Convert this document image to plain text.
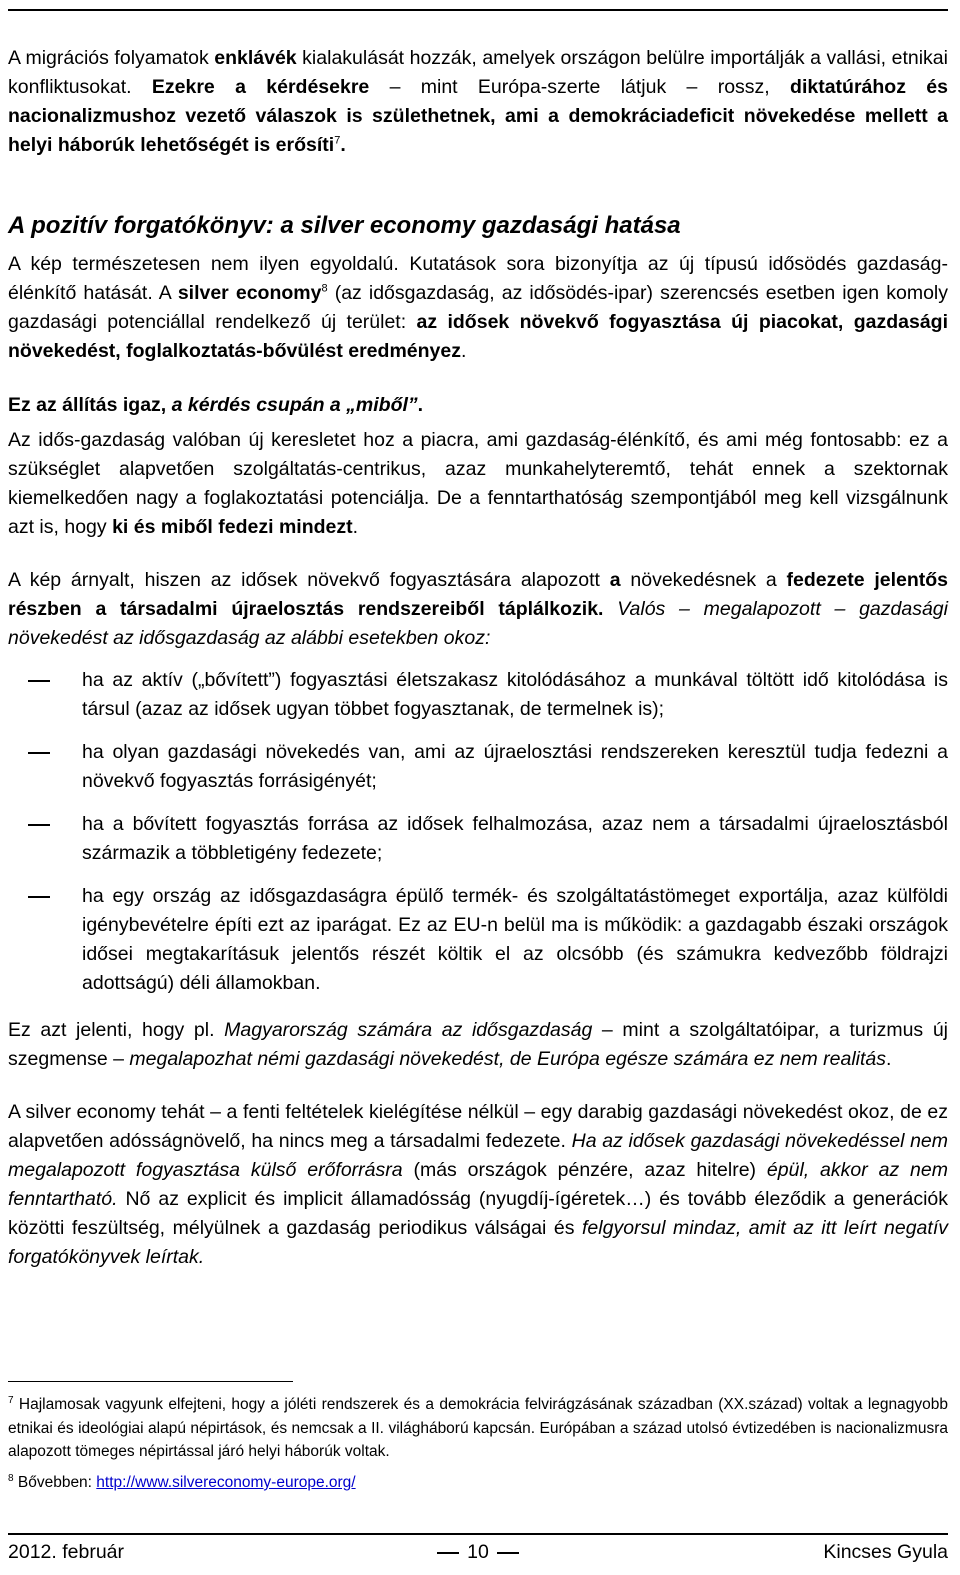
A migrációs folyamatok enklávék kialakulását hozzák, amelyek országon belülre importálják a vallási, etnikai konfliktusokat. Ezekre a kérdésekre – mint Európa-szerte látjuk – rossz, diktatúrához és nacionalizmushoz vezető válaszok is születhetnek, ami a demokráciadeficit növekedése mellett a helyi háborúk lehetőségét is erősíti$^7$.

A pozitív forgatókönyv: a silver economy gazdasági hatása

A kép természetesen nem ilyen egyoldalú. Kutatások sora bizonyítja az új típusú idősödés gazdaság-élénkítő hatását. A silver economy$^8$ (az idősgazdaság, az idősödés-ipar) szerencsés esetben igen komoly gazdasági potenciállal rendelkező új terület: az idősek növekvő fogyasztása új piacokat, gazdasági növekedést, foglalkoztatás-bővülést eredményez.

Ez az állítás igaz, a kérdés csupán a „miből”.

Az idős-gazdaság valóban új keresletet hoz a piacra, ami gazdaság-élénkítő, és ami még fontosabb: ez a szükséglet alapvetően szolgáltatás-centrikus, azaz munkahelyteremtő, tehát ennek a szektornak kiemelkedően nagy a foglakoztatási potenciálja. De a fenntarthatóság szempontjából meg kell vizsgálnunk azt is, hogy ki és miből fedezi mindezt.

A kép árnyalt, hiszen az idősek növekvő fogyasztására alapozott a növekedésnek a fedezete jelentős részben a társadalmi újraelosztás rendszereiből táplálkozik. Valós – megalapozott – gazdasági növekedést az idősgazdaság az alábbi esetekben okoz:

ha az aktív („bővített”) fogyasztási életszakasz kitolódásához a munkával töltött idő kitolódása is társul (azaz az idősek ugyan többet fogyasztanak, de termelnek is);

ha olyan gazdasági növekedés van, ami az újraelosztási rendszereken keresztül tudja fedezni a növekvő fogyasztás forrásigényét;

ha a bővített fogyasztás forrása az idősek felhalmozása, azaz nem a társadalmi újraelosztásból származik a többletigény fedezete;

ha egy ország az idősgazdaságra épülő termék- és szolgáltatástömeget exportálja, azaz külföldi igénybevételre építi ezt az iparágat. Ez az EU-n belül ma is működik: a gazdagabb északi országok idősei megtakarításuk jelentős részét költik el az olcsóbb (és számukra kedvezőbb földrajzi adottságú) déli államokban.

Ez azt jelenti, hogy pl. Magyarország számára az idősgazdaság – mint a szolgáltatóipar, a turizmus új szegmense – megalapozhat némi gazdasági növekedést, de Európa egésze számára ez nem realitás.

A silver economy tehát – a fenti feltételek kielégítése nélkül – egy darabig gazdasági növekedést okoz, de ez alapvetően adósságnövelő, ha nincs meg a társadalmi fedezete. Ha az idősek gazdasági növekedéssel nem megalapozott fogyasztása külső erőforrásra (más országok pénzére, azaz hitelre) épül, akkor az nem fenntartható. Nő az explicit és implicit államadósság (nyugdíj-ígéretek…) és tovább éleződik a generációk közötti feszültség, mélyülnek a gazdaság periodikus válságai és felgyorsul mindaz, amit az itt leírt negatív forgatókönyvek leírtak.

$^7$ Hajlamosak vagyunk elfejteni, hogy a jóléti rendszerek és a demokrácia felvirágzásának században (XX.század) voltak a legnagyobb etnikai és ideológiai alapú népirtások, és nemcsak a II. világháború kapcsán. Európában a század utolsó évtizedében is nacionalizmusra alapozott tömeges népirtással járó helyi háborúk voltak.
$^8$ Bővebben: http://www.silvereconomy-europe.org/
2012. február	10	Kincses Gyula
